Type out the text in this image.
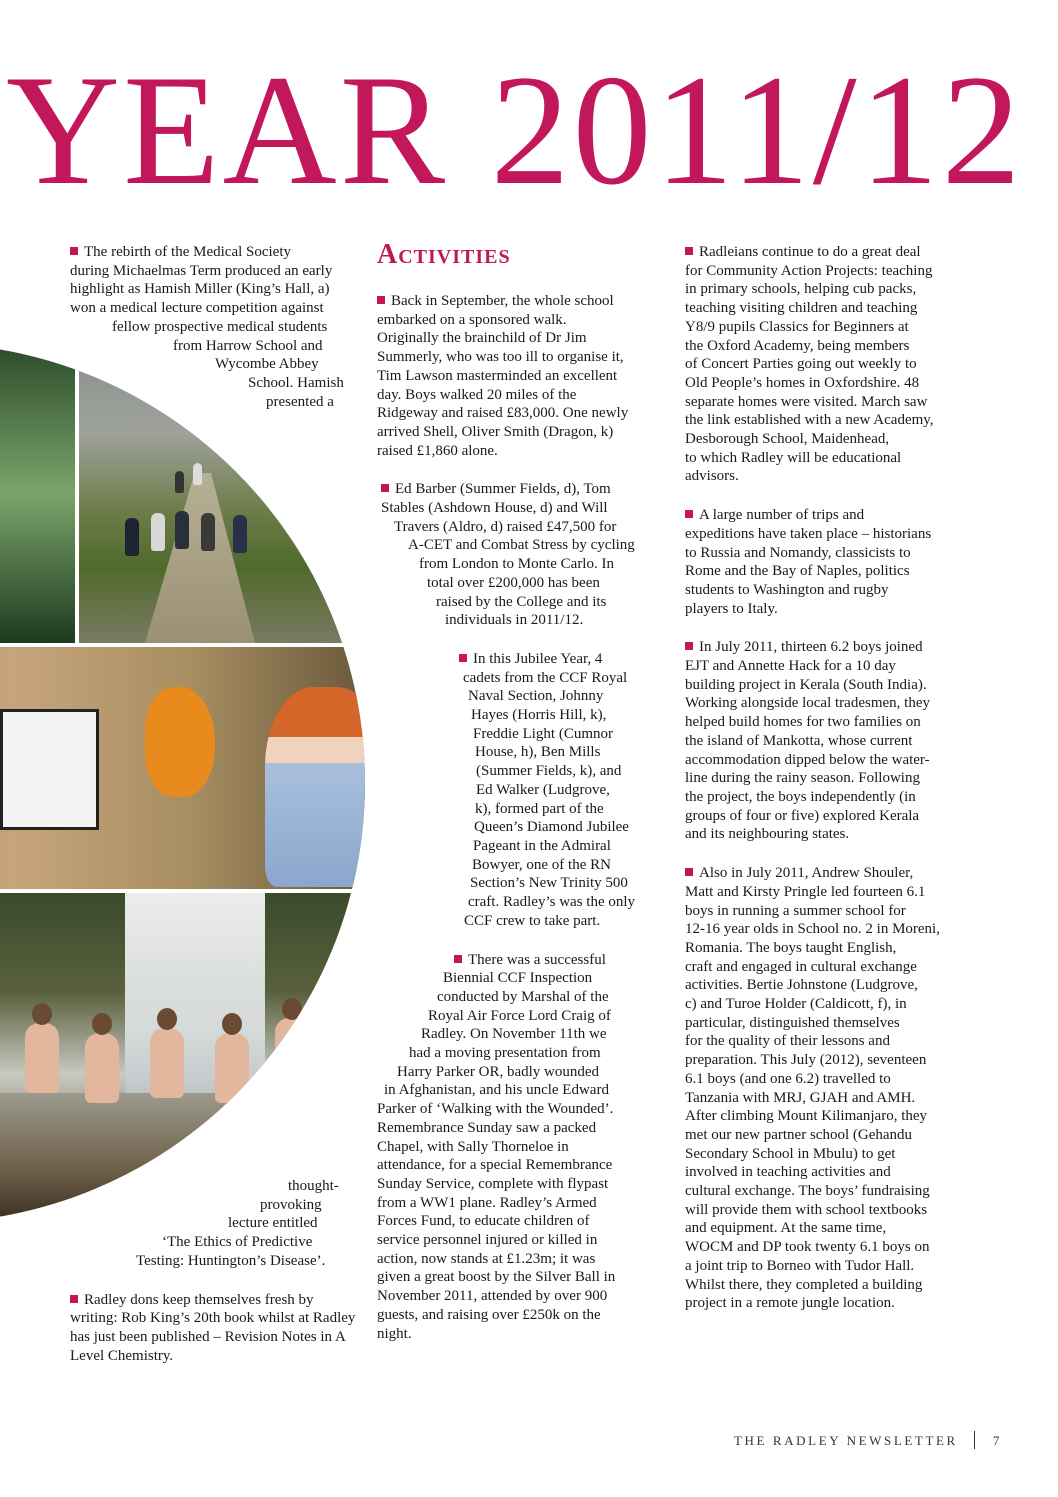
YEAR 2011/12

The rebirth of the Medical Society
during Michaelmas Term produced an early
highlight as Hamish Miller (King’s Hall, a)
won a medical lecture competition against
fellow prospective medical students
from Harrow School and
Wycombe Abbey
School. Hamish
presented a

thought-
provoking
lecture entitled
‘The Ethics of Predictive
Testing: Huntington’s Disease’.

Radley dons keep themselves fresh by
writing: Rob King’s 20th book whilst at Radley
has just been published – Revision Notes in A
Level Chemistry.

Activities

Back in September, the whole school
embarked on a sponsored walk.
Originally the brainchild of Dr Jim
Summerly, who was too ill to organise it,
Tim Lawson masterminded an excellent
day. Boys walked 20 miles of the
Ridgeway and raised £83,000. One newly
arrived Shell, Oliver Smith (Dragon, k)
raised £1,860 alone.

Ed Barber (Summer Fields, d), Tom
Stables (Ashdown House, d) and Will
Travers (Aldro, d) raised £47,500 for
A-CET and Combat Stress by cycling
from London to Monte Carlo. In
total over £200,000 has been
raised by the College and its
individuals in 2011/12.

In this Jubilee Year, 4
cadets from the CCF Royal
Naval Section, Johnny
Hayes (Horris Hill, k),
Freddie Light (Cumnor
House, h), Ben Mills
(Summer Fields, k), and
Ed Walker (Ludgrove,
k), formed part of the
Queen’s Diamond Jubilee
Pageant in the Admiral
Bowyer, one of the RN
Section’s New Trinity 500
craft. Radley’s was the only
CCF crew to take part.

There was a successful
Biennial CCF Inspection
conducted by Marshal of the
Royal Air Force Lord Craig of
Radley. On November 11th we
had a moving presentation from
Harry Parker OR, badly wounded
in Afghanistan, and his uncle Edward
Parker of ‘Walking with the Wounded’.
Remembrance Sunday saw a packed
Chapel, with Sally Thorneloe in
attendance, for a special Remembrance
Sunday Service, complete with flypast
from a WW1 plane. Radley’s Armed
Forces Fund, to educate children of
service personnel injured or killed in
action, now stands at £1.23m; it was
given a great boost by the Silver Ball in
November 2011, attended by over 900
guests, and raising over £250k on the
night.

Radleians continue to do a great deal
for Community Action Projects: teaching
in primary schools, helping cub packs,
teaching visiting children and teaching
Y8/9 pupils Classics for Beginners at
the Oxford Academy, being members
of Concert Parties going out weekly to
Old People’s homes in Oxfordshire. 48
separate homes were visited. March saw
the link established with a new Academy,
Desborough School, Maidenhead,
to which Radley will be educational
advisors.

A large number of trips and
expeditions have taken place – historians
to Russia and Nomandy, classicists to
Rome and the Bay of Naples, politics
students to Washington and rugby
players to Italy.

In July 2011, thirteen 6.2 boys joined
EJT and Annette Hack for a 10 day
building project in Kerala (South India).
Working alongside local tradesmen, they
helped build homes for two families on
the island of Mankotta, whose current
accommodation dipped below the water-
line during the rainy season. Following
the project, the boys independently (in
groups of four or five) explored Kerala
and its neighbouring states.

Also in July 2011, Andrew Shouler,
Matt and Kirsty Pringle led fourteen 6.1
boys in running a summer school for
12-16 year olds in School no. 2 in Moreni,
Romania. The boys taught English,
craft and engaged in cultural exchange
activities. Bertie Johnstone (Ludgrove,
c) and Turoe Holder (Caldicott, f), in
particular, distinguished themselves
for the quality of their lessons and
preparation. This July (2012), seventeen
6.1 boys (and one 6.2) travelled to
Tanzania with MRJ, GJAH and AMH.
After climbing Mount Kilimanjaro, they
met our new partner school (Gehandu
Secondary School in Mbulu) to get
involved in teaching activities and
cultural exchange. The boys’ fundraising
will provide them with school textbooks
and equipment. At the same time,
WOCM and DP took twenty 6.1 boys on
a joint trip to Borneo with Tudor Hall.
Whilst there, they completed a building
project in a remote jungle location.

THE RADLEY NEWSLETTER	7
